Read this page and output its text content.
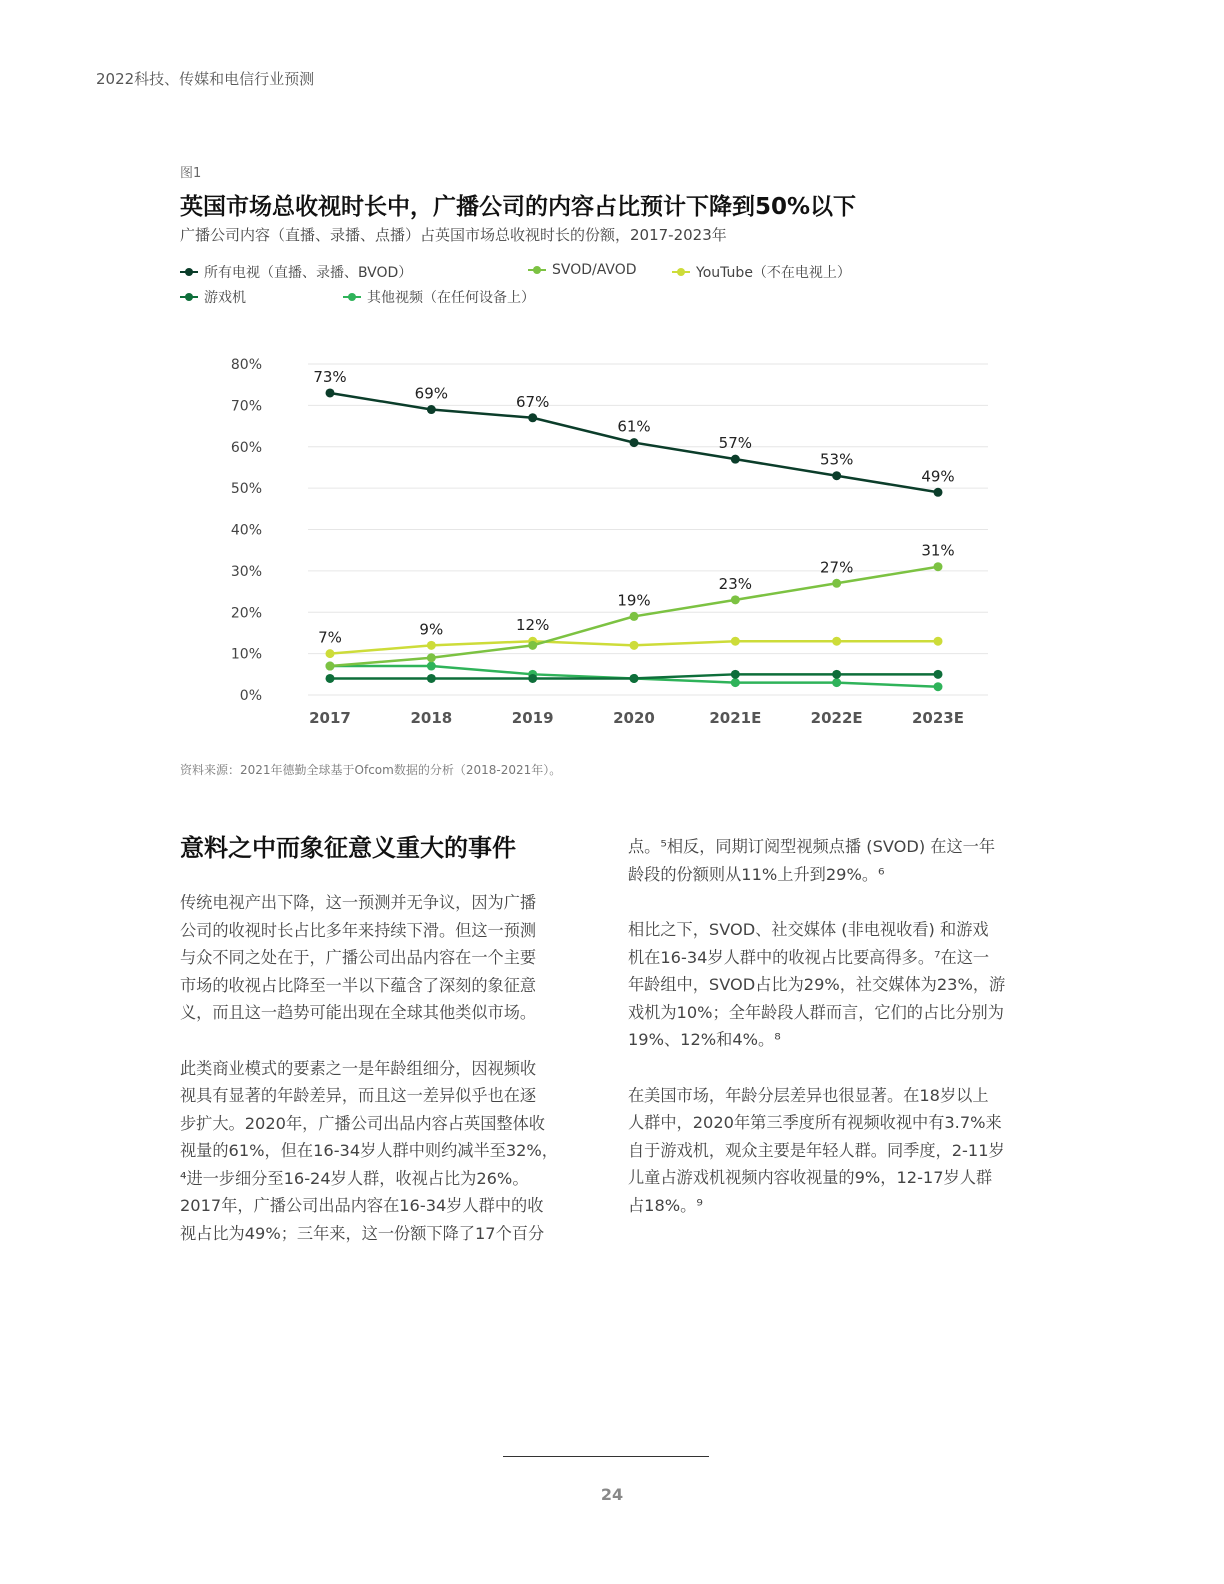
2022科技、传媒和电信行业预测
图1
英国市场总收视时长中，广播公司的内容占比预计下降到50%以下
广播公司内容（直播、录播、点播）占英国市场总收视时长的份额，2017-2023年
所有电视（直播、录播、BVOD）	SVOD/AVOD	YouTube（不在电视上）
游戏机	其他视频（在任何设备上）
0%
10%
20%
30%
40%
50%
60%
70%
80%
2017	2018	2019	2020	2021E	2022E	2023E
73%
69%	67%
61%
57%
53%
49%
19%
23%
27%
31%
7%	9%	12%
资料来源：2021年德勤全球基于Ofcom数据的分析（2018-2021年）。
意料之中而象征意义重大的事件

传统电视产出下降，这一预测并无争议，因为广播
公司的收视时长占比多年来持续下滑。但这一预测
与众不同之处在于，广播公司出品内容在一个主要
市场的收视占比降至一半以下蕴含了深刻的象征意
义，而且这一趋势可能出现在全球其他类似市场。

此类商业模式的要素之一是年龄组细分，因视频收
视具有显著的年龄差异，而且这一差异似乎也在逐
步扩大。2020年，广播公司出品内容占英国整体收
视量的61%，但在16-34岁人群中则约减半至32%，
⁴进一步细分至16-24岁人群，收视占比为26%。
2017年，广播公司出品内容在16-34岁人群中的收
视占比为49%；三年来，这一份额下降了17个百分

点。⁵相反，同期订阅型视频点播 (SVOD) 在这一年
龄段的份额则从11%上升到29%。⁶

相比之下，SVOD、社交媒体 (非电视收看) 和游戏
机在16-34岁人群中的收视占比要高得多。⁷在这一
年龄组中，SVOD占比为29%，社交媒体为23%，游
戏机为10%；全年龄段人群而言，它们的占比分别为
19%、12%和4%。⁸

在美国市场，年龄分层差异也很显著。在18岁以上
人群中，2020年第三季度所有视频收视中有3.7%来
自于游戏机，观众主要是年轻人群。同季度，2-11岁
儿童占游戏机视频内容收视量的9%，12-17岁人群
占18%。⁹

24
